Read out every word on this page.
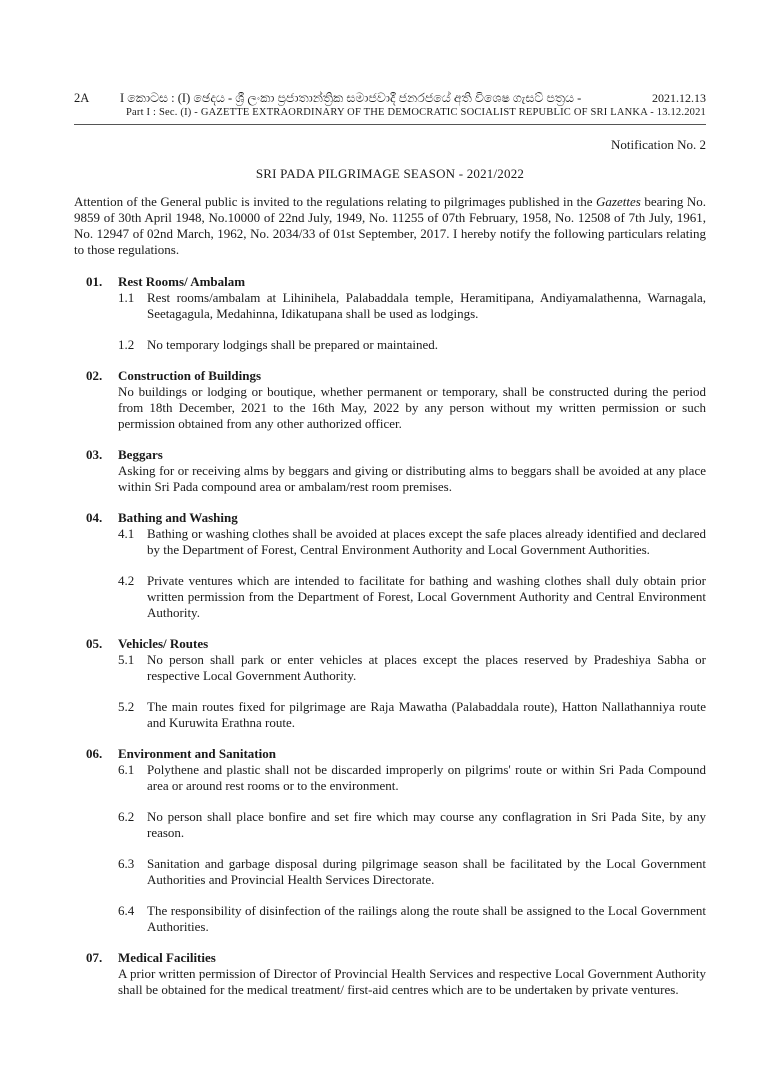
2A I කොටස : (I) ඡෙදය - ශ්‍රී ලංකා ප්‍රජාතාන්ත්‍රික සමාජවාදී ජනරජයේ අති විශෙෂ ගැසට් පත්‍රය -	2021.12.13
Part I : Sec. (I) - GAZETTE EXTRAORDINARY OF THE DEMOCRATIC SOCIALIST REPUBLIC OF SRI LANKA - 13.12.2021
Notification No. 2
SRI PADA PILGRIMAGE SEASON - 2021/2022
Attention of the General public is invited to the regulations relating to pilgrimages published in the Gazettes bearing No. 9859 of 30th April 1948, No.10000 of 22nd July, 1949, No. 11255 of 07th February, 1958, No. 12508 of 7th July, 1961, No. 12947 of 02nd March, 1962, No. 2034/33 of 01st September, 2017. I hereby notify the following particulars relating to those regulations.
01.	Rest Rooms/ Ambalam
1.1 Rest rooms/ambalam at Lihinihela, Palabaddala temple, Heramitipana, Andiyamalathenna, Warnagala, Seetagagula, Medahinna, Idikatupana shall be used as lodgings.
1.2 No temporary lodgings shall be prepared or maintained.
02.	Construction of Buildings
No buildings or lodging or boutique, whether permanent or temporary, shall be constructed during the period from 18th December, 2021 to the 16th May, 2022 by any person without my written permission or such permission obtained from any other authorized officer.
03.	Beggars
Asking for or receiving alms by beggars and giving or distributing alms to beggars shall be avoided at any place within Sri Pada compound area or ambalam/rest room premises.
04.	Bathing and Washing
4.1 Bathing or washing clothes shall be avoided at places except the safe places already identified and declared by the Department of Forest, Central Environment Authority and Local Government Authorities.
4.2 Private ventures which are intended to facilitate for bathing and washing clothes shall duly obtain prior written permission from the Department of Forest, Local Government Authority and Central Environment Authority.
05.	Vehicles/ Routes
5.1 No person shall park or enter vehicles at places except the places reserved by Pradeshiya Sabha or respective Local Government Authority.
5.2 The main routes fixed for pilgrimage are Raja Mawatha (Palabaddala route), Hatton Nallathanniya route and Kuruwita Erathna route.
06.	Environment and Sanitation
6.1 Polythene and plastic shall not be discarded improperly on pilgrims' route or within Sri Pada Compound area or around rest rooms or to the environment.
6.2 No person shall place bonfire and set fire which may course any conflagration in Sri Pada Site, by any reason.
6.3 Sanitation and garbage disposal during pilgrimage season shall be facilitated by the Local Government Authorities and Provincial Health Services Directorate.
6.4 The responsibility of disinfection of the railings along the route shall be assigned to the Local Government Authorities.
07.	Medical Facilities
A prior written permission of Director of Provincial Health Services and respective Local Government Authority shall be obtained for the medical treatment/ first-aid centres which are to be undertaken by private ventures.
